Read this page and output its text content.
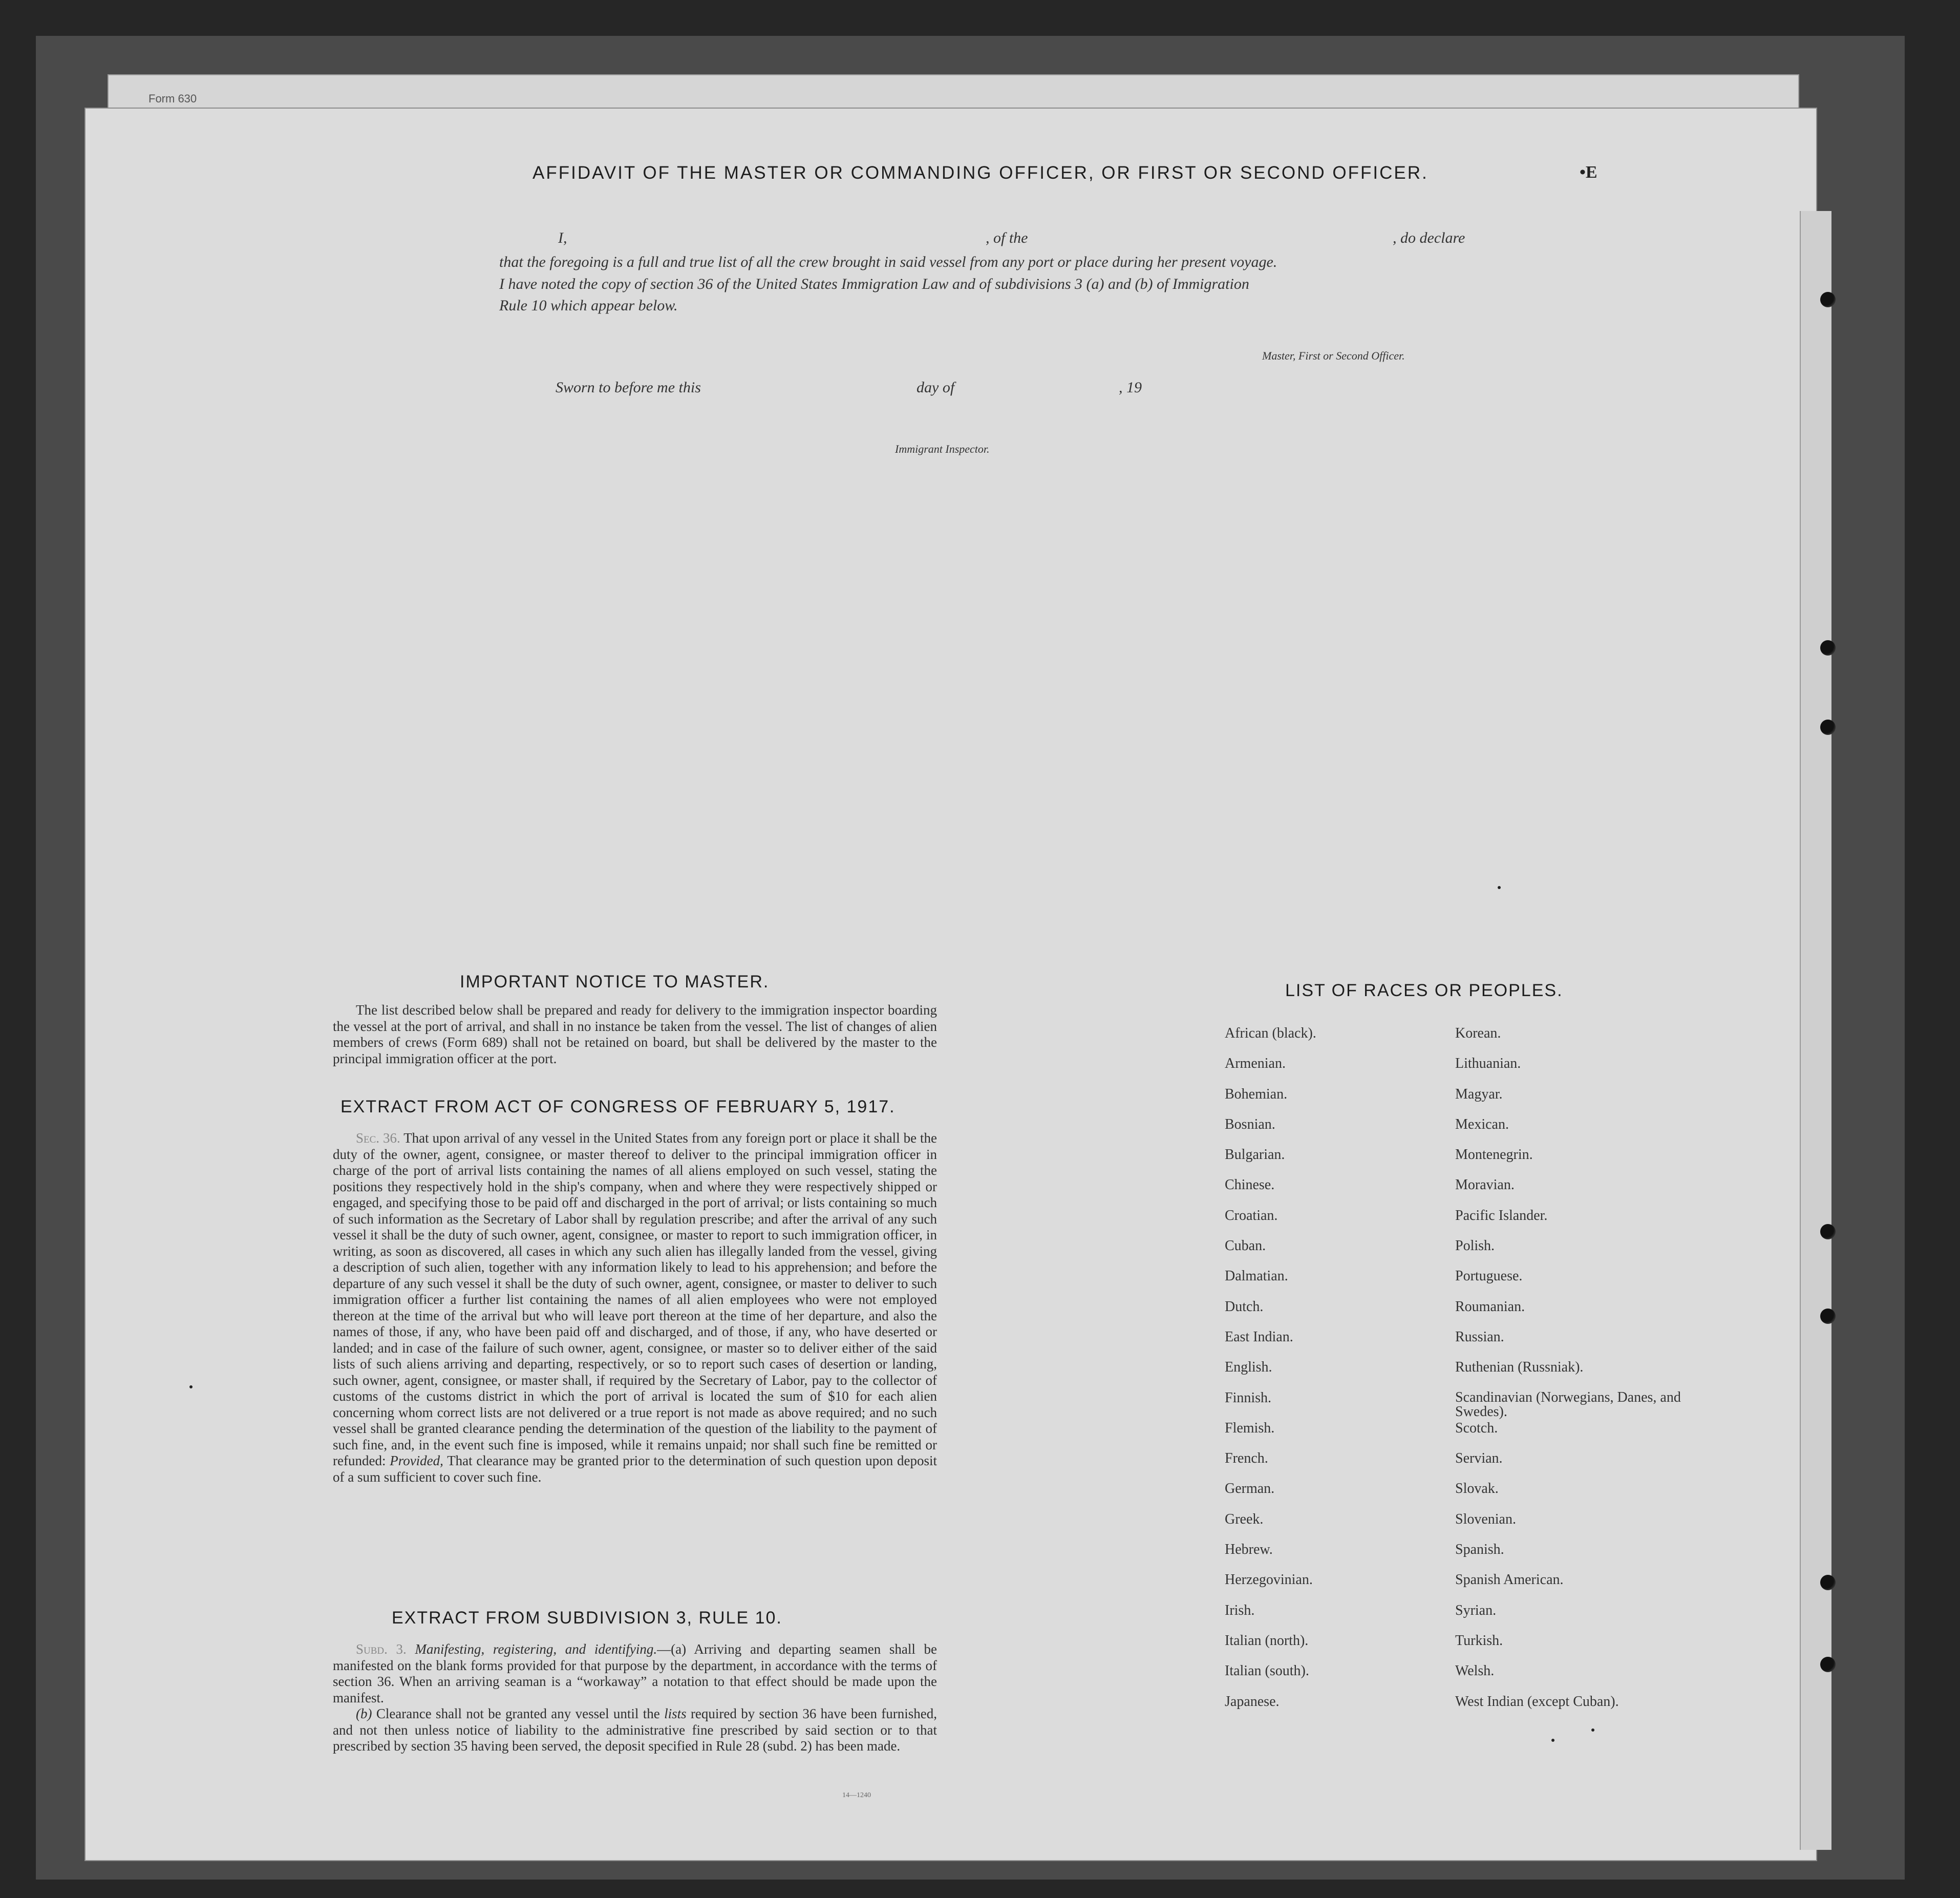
Form 630
AFFIDAVIT OF THE MASTER OR COMMANDING OFFICER, OR FIRST OR SECOND OFFICER.	•E
I,	, of the	, do declare
that the foregoing is a full and true list of all the crew brought in said vessel from any port or place during her present voyage.
I have noted the copy of section 36 of the United States Immigration Law and of subdivisions 3 (a) and (b) of Immigration
Rule 10 which appear below.
Master, First or Second Officer.
Sworn to before me this	day of	, 19
Immigrant Inspector.
IMPORTANT NOTICE TO MASTER.

The list described below shall be prepared and ready for delivery to the immigration inspector boarding the vessel at the port of arrival, and shall in no instance be taken from the vessel. The list of changes of alien members of crews (Form 689) shall not be retained on board, but shall be delivered by the master to the principal immigration officer at the port.

EXTRACT FROM ACT OF CONGRESS OF FEBRUARY 5, 1917.

Sec. 36. That upon arrival of any vessel in the United States from any foreign port or place it shall be the duty of the owner, agent, consignee, or master thereof to deliver to the principal immigration officer in charge of the port of arrival lists containing the names of all aliens employed on such vessel, stating the positions they respectively hold in the ship's company, when and where they were respectively shipped or engaged, and specifying those to be paid off and discharged in the port of arrival; or lists containing so much of such information as the Secretary of Labor shall by regulation prescribe; and after the arrival of any such vessel it shall be the duty of such owner, agent, consignee, or master to report to such immigration officer, in writing, as soon as discovered, all cases in which any such alien has illegally landed from the vessel, giving a description of such alien, together with any information likely to lead to his apprehension; and before the departure of any such vessel it shall be the duty of such owner, agent, consignee, or master to deliver to such immigration officer a further list containing the names of all alien employees who were not employed thereon at the time of the arrival but who will leave port thereon at the time of her departure, and also the names of those, if any, who have been paid off and discharged, and of those, if any, who have deserted or landed; and in case of the failure of such owner, agent, consignee, or master so to deliver either of the said lists of such aliens arriving and departing, respectively, or so to report such cases of desertion or landing, such owner, agent, consignee, or master shall, if required by the Secretary of Labor, pay to the collector of customs of the customs district in which the port of arrival is located the sum of $10 for each alien concerning whom correct lists are not delivered or a true report is not made as above required; and no such vessel shall be granted clearance pending the determination of the question of the liability to the payment of such fine, and, in the event such fine is imposed, while it remains unpaid; nor shall such fine be remitted or refunded: Provided, That clearance may be granted prior to the determination of such question upon deposit of a sum sufficient to cover such fine.

EXTRACT FROM SUBDIVISION 3, RULE 10.

Subd. 3. Manifesting, registering, and identifying.—(a) Arriving and departing seamen shall be manifested on the blank forms provided for that purpose by the department, in accordance with the terms of section 36. When an arriving seaman is a “workaway” a notation to that effect should be made upon the manifest.

(b) Clearance shall not be granted any vessel until the lists required by section 36 have been furnished, and not then unless notice of liability to the administrative fine prescribed by said section or to that prescribed by section 35 having been served, the deposit specified in Rule 28 (subd. 2) has been made.

14—1240
LIST OF RACES OR PEOPLES.
African (black).
Armenian.
Bohemian.
Bosnian.
Bulgarian.
Chinese.
Croatian.
Cuban.
Dalmatian.
Dutch.
East Indian.
English.
Finnish.
Flemish.
French.
German.
Greek.
Hebrew.
Herzegovinian.
Irish.
Italian (north).
Italian (south).
Japanese.
Korean.
Lithuanian.
Magyar.
Mexican.
Montenegrin.
Moravian.
Pacific Islander.
Polish.
Portuguese.
Roumanian.
Russian.
Ruthenian (Russniak).
Scandinavian (Norwegians, Danes, and Swedes).
Scotch.
Servian.
Slovak.
Slovenian.
Spanish.
Spanish American.
Syrian.
Turkish.
Welsh.
West Indian (except Cuban).
